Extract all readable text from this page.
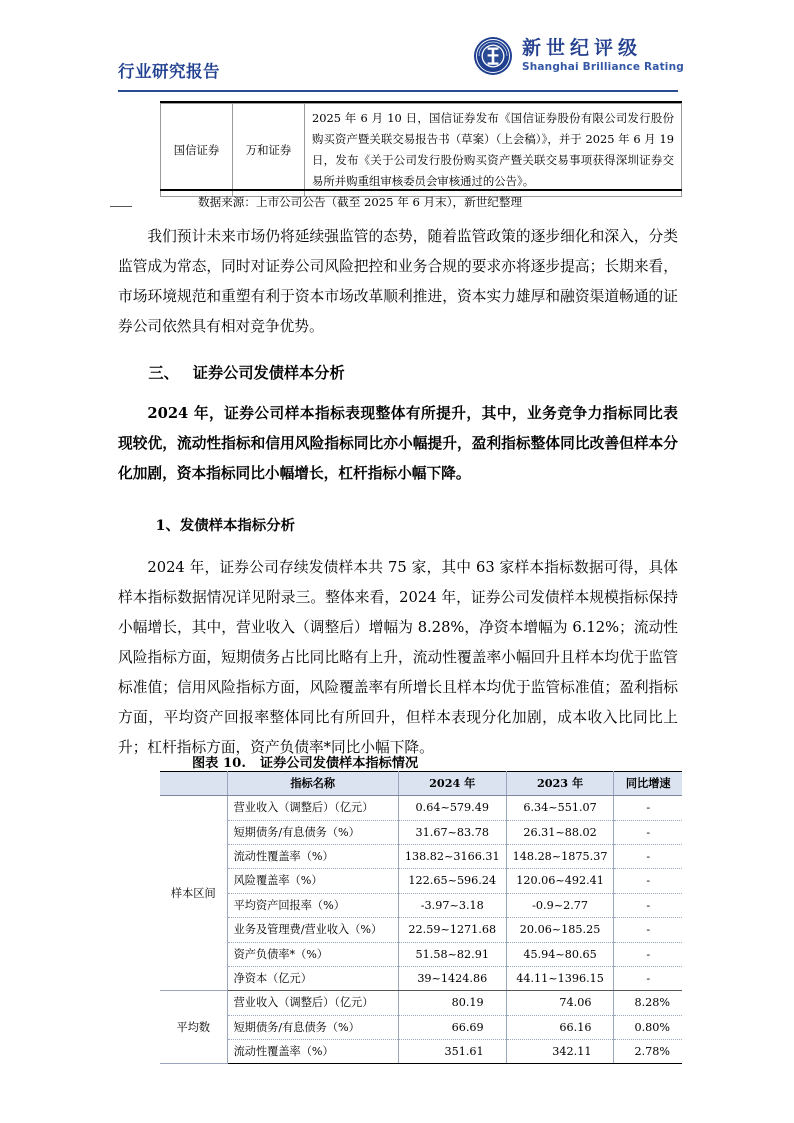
行业研究报告
新世纪评级
Shanghai Brilliance Rating
国信证券	万和证券	2025 年 6 月 10 日，国信证券发布《国信证券股份有限公司发行股份购买资产暨关联交易报告书（草案）（上会稿）》，并于 2025 年 6 月 19 日，发布《关于公司发行股份购买资产暨关联交易事项获得深圳证券交易所并购重组审核委员会审核通过的公告》。
数据来源：上市公司公告（截至 2025 年 6 月末），新世纪整理

我们预计未来市场仍将延续强监管的态势，随着监管政策的逐步细化和深入，分类监管成为常态，同时对证券公司风险把控和业务合规的要求亦将逐步提高；长期来看，市场环境规范和重塑有利于资本市场改革顺利推进，资本实力雄厚和融资渠道畅通的证券公司依然具有相对竞争优势。

三、 证券公司发债样本分析

2024 年，证券公司样本指标表现整体有所提升，其中，业务竞争力指标同比表现较优，流动性指标和信用风险指标同比亦小幅提升，盈利指标整体同比改善但样本分化加剧，资本指标同比小幅增长，杠杆指标小幅下降。

1、发债样本指标分析

2024 年，证券公司存续发债样本共 75 家，其中 63 家样本指标数据可得，具体样本指标数据情况详见附录三。整体来看，2024 年，证券公司发债样本规模指标保持小幅增长，其中，营业收入（调整后）增幅为 8.28%，净资本增幅为 6.12%；流动性风险指标方面，短期债务占比同比略有上升，流动性覆盖率小幅回升且样本均优于监管标准值；信用风险指标方面，风险覆盖率有所增长且样本均优于监管标准值；盈利指标方面，平均资产回报率整体同比有所回升，但样本表现分化加剧，成本收入比同比上升；杠杆指标方面，资产负债率*同比小幅下降。

图表 10. 证券公司发债样本指标情况
	指标名称	2024 年	2023 年	同比增速
样本区间	营业收入（调整后）（亿元）	0.64~579.49	6.34~551.07	-
	短期债务/有息债务（%）	31.67~83.78	26.31~88.02	-
	流动性覆盖率（%）	138.82~3166.31	148.28~1875.37	-
	风险覆盖率（%）	122.65~596.24	120.06~492.41	-
	平均资产回报率（%）	-3.97~3.18	-0.9~2.77	-
	业务及管理费/营业收入（%）	22.59~1271.68	20.06~185.25	-
	资产负债率*（%）	51.58~82.91	45.94~80.65	-
	净资本（亿元）	39~1424.86	44.11~1396.15	-
平均数	营业收入（调整后）（亿元）	80.19	74.06	8.28%
	短期债务/有息债务（%）	66.69	66.16	0.80%
	流动性覆盖率（%）	351.61	342.11	2.78%
